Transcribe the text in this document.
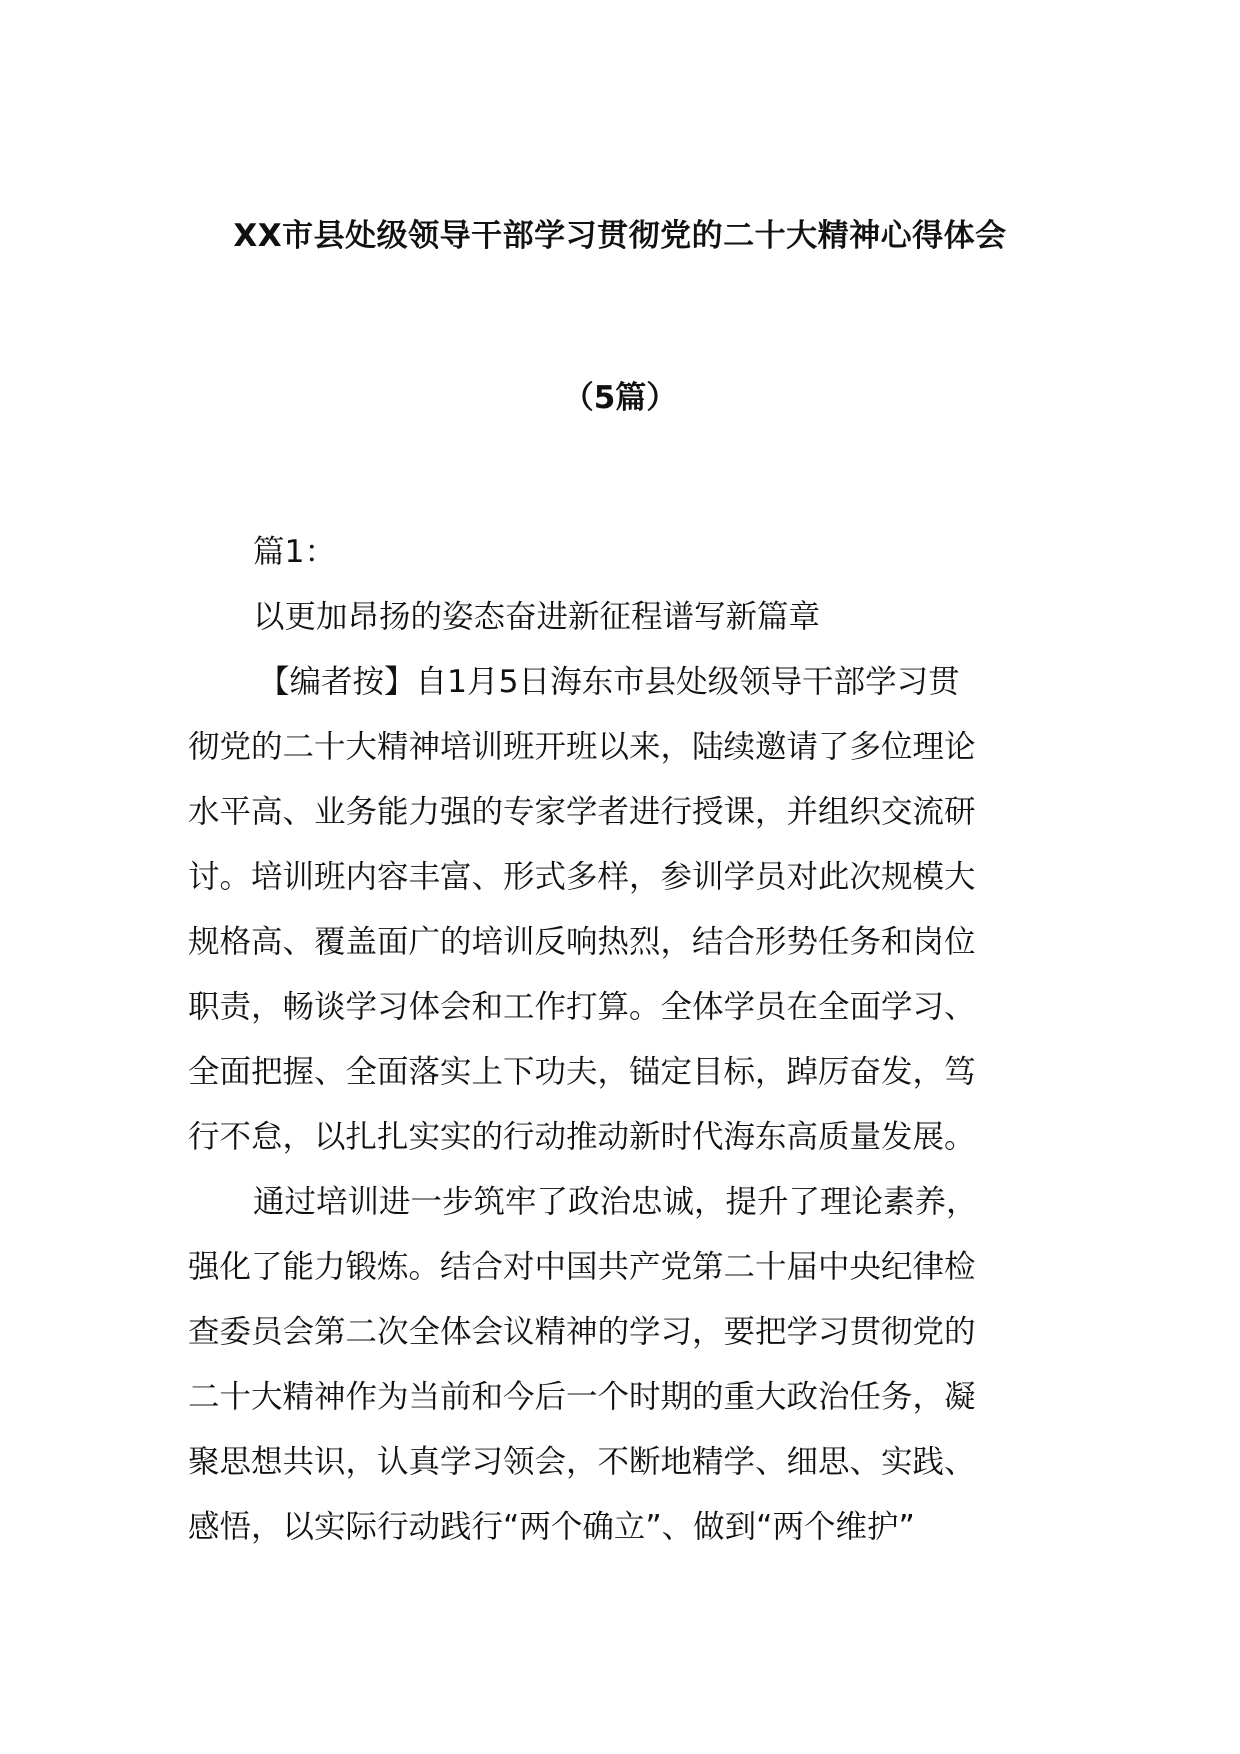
XX市县处级领导干部学习贯彻党的二十大精神心得体会
（5篇）
篇1：
以更加昂扬的姿态奋进新征程谱写新篇章
【编者按】自1月5日海东市县处级领导干部学习贯
彻党的二十大精神培训班开班以来，陆续邀请了多位理论
水平高、业务能力强的专家学者进行授课，并组织交流研
讨。培训班内容丰富、形式多样，参训学员对此次规模大
规格高、覆盖面广的培训反响热烈，结合形势任务和岗位
职责，畅谈学习体会和工作打算。全体学员在全面学习、
全面把握、全面落实上下功夫，锚定目标，踔厉奋发，笃
行不怠，以扎扎实实的行动推动新时代海东高质量发展。
通过培训进一步筑牢了政治忠诚，提升了理论素养，
强化了能力锻炼。结合对中国共产党第二十届中央纪律检
查委员会第二次全体会议精神的学习，要把学习贯彻党的
二十大精神作为当前和今后一个时期的重大政治任务，凝
聚思想共识，认真学习领会，不断地精学、细思、实践、
感悟，以实际行动践行“两个确立”、做到“两个维护”
